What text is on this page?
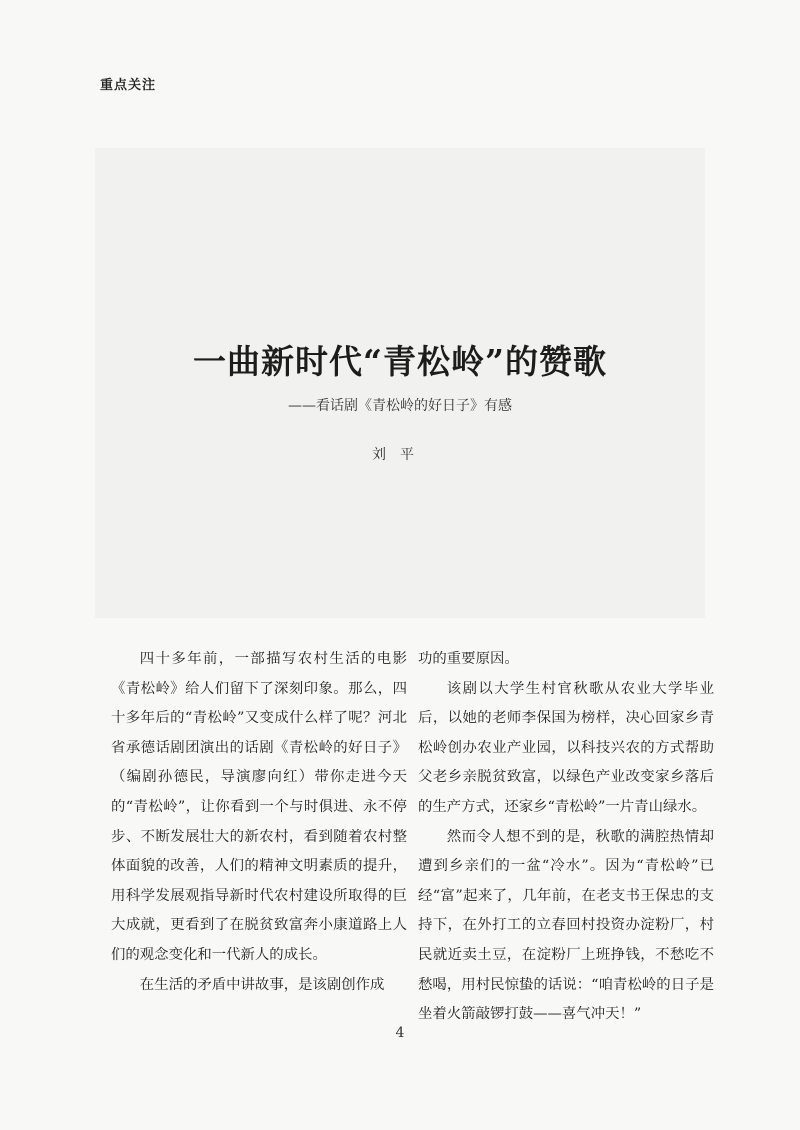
重点关注
一曲新时代“青松岭”的赞歌
——看话剧《青松岭的好日子》有感
刘平

四十多年前，一部描写农村生活的电影《青松岭》给人们留下了深刻印象。那么，四十多年后的“青松岭”又变成什么样了呢？河北省承德话剧团演出的话剧《青松岭的好日子》（编剧孙德民，导演廖向红）带你走进今天的“青松岭”，让你看到一个与时俱进、永不停步、不断发展壮大的新农村，看到随着农村整体面貌的改善，人们的精神文明素质的提升，用科学发展观指导新时代农村建设所取得的巨大成就，更看到了在脱贫致富奔小康道路上人们的观念变化和一代新人的成长。

在生活的矛盾中讲故事，是该剧创作成

功的重要原因。

该剧以大学生村官秋歌从农业大学毕业后，以她的老师李保国为榜样，决心回家乡青松岭创办农业产业园，以科技兴农的方式帮助父老乡亲脱贫致富，以绿色产业改变家乡落后的生产方式，还家乡“青松岭”一片青山绿水。

然而令人想不到的是，秋歌的满腔热情却遭到乡亲们的一盆“冷水”。因为“青松岭”已经“富”起来了，几年前，在老支书王保忠的支持下，在外打工的立春回村投资办淀粉厂，村民就近卖土豆，在淀粉厂上班挣钱，不愁吃不愁喝，用村民惊蛰的话说：“咱青松岭的日子是坐着火箭敲锣打鼓——喜气冲天！”

4
